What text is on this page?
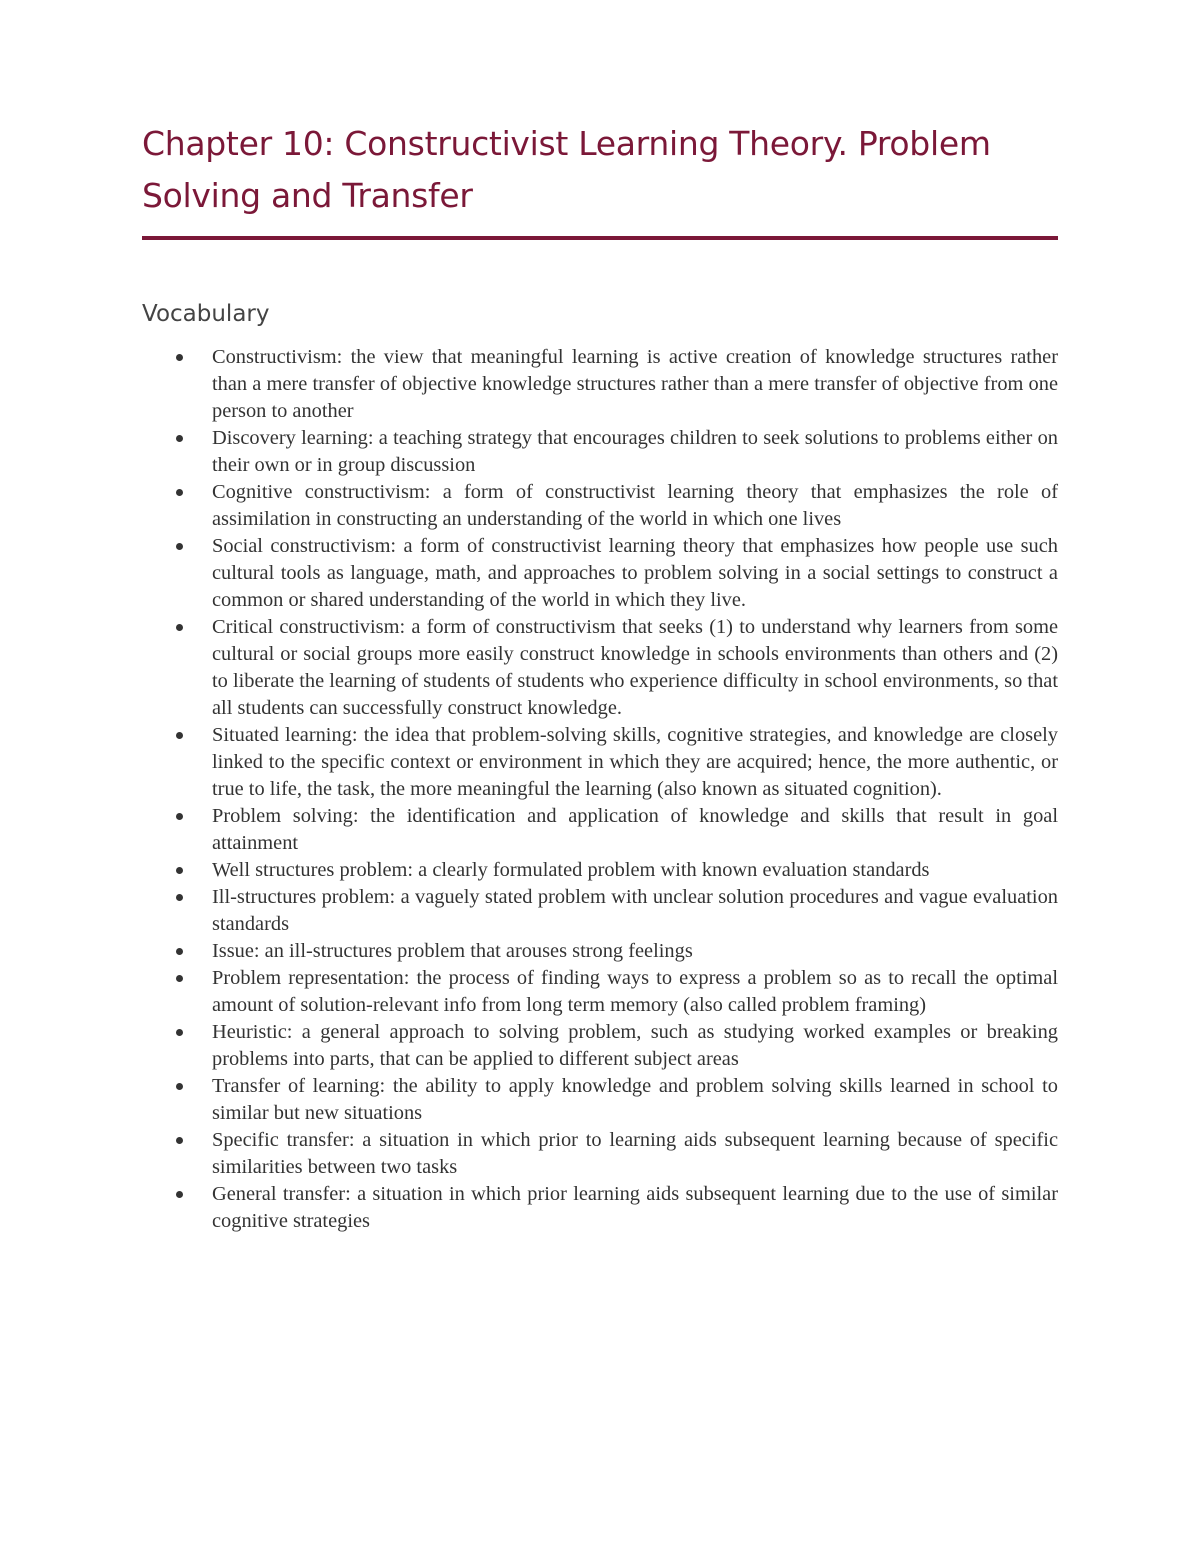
Chapter 10: Constructivist Learning Theory. Problem Solving and Transfer
Vocabulary
Constructivism: the view that meaningful learning is active creation of knowledge structures rather than a mere transfer of objective knowledge structures rather than a mere transfer of objective from one person to another
Discovery learning: a teaching strategy that encourages children to seek solutions to problems either on their own or in group discussion
Cognitive constructivism: a form of constructivist learning theory that emphasizes the role of assimilation in constructing an understanding of the world in which one lives
Social constructivism: a form of constructivist learning theory that emphasizes how people use such cultural tools as language, math, and approaches to problem solving in a social settings to construct a common or shared understanding of the world in which they live.
Critical constructivism: a form of constructivism that seeks (1) to understand why learners from some cultural or social groups more easily construct knowledge in schools environments than others and (2) to liberate the learning of students of students who experience difficulty in school environments, so that all students can successfully construct knowledge.
Situated learning: the idea that problem-solving skills, cognitive strategies, and knowledge are closely linked to the specific context or environment in which they are acquired; hence, the more authentic, or true to life, the task, the more meaningful the learning (also known as situated cognition).
Problem solving: the identification and application of knowledge and skills that result in goal attainment
Well structures problem: a clearly formulated problem with known evaluation standards
Ill-structures problem: a vaguely stated problem with unclear solution procedures and vague evaluation standards
Issue: an ill-structures problem that arouses strong feelings
Problem representation: the process of finding ways to express a problem so as to recall the optimal amount of solution-relevant info from long term memory (also called problem framing)
Heuristic: a general approach to solving problem, such as studying worked examples or breaking problems into parts, that can be applied to different subject areas
Transfer of learning: the ability to apply knowledge and problem solving skills learned in school to similar but new situations
Specific transfer: a situation in which prior to learning aids subsequent learning because of specific similarities between two tasks
General transfer: a situation in which prior learning aids subsequent learning due to the use of similar cognitive strategies
